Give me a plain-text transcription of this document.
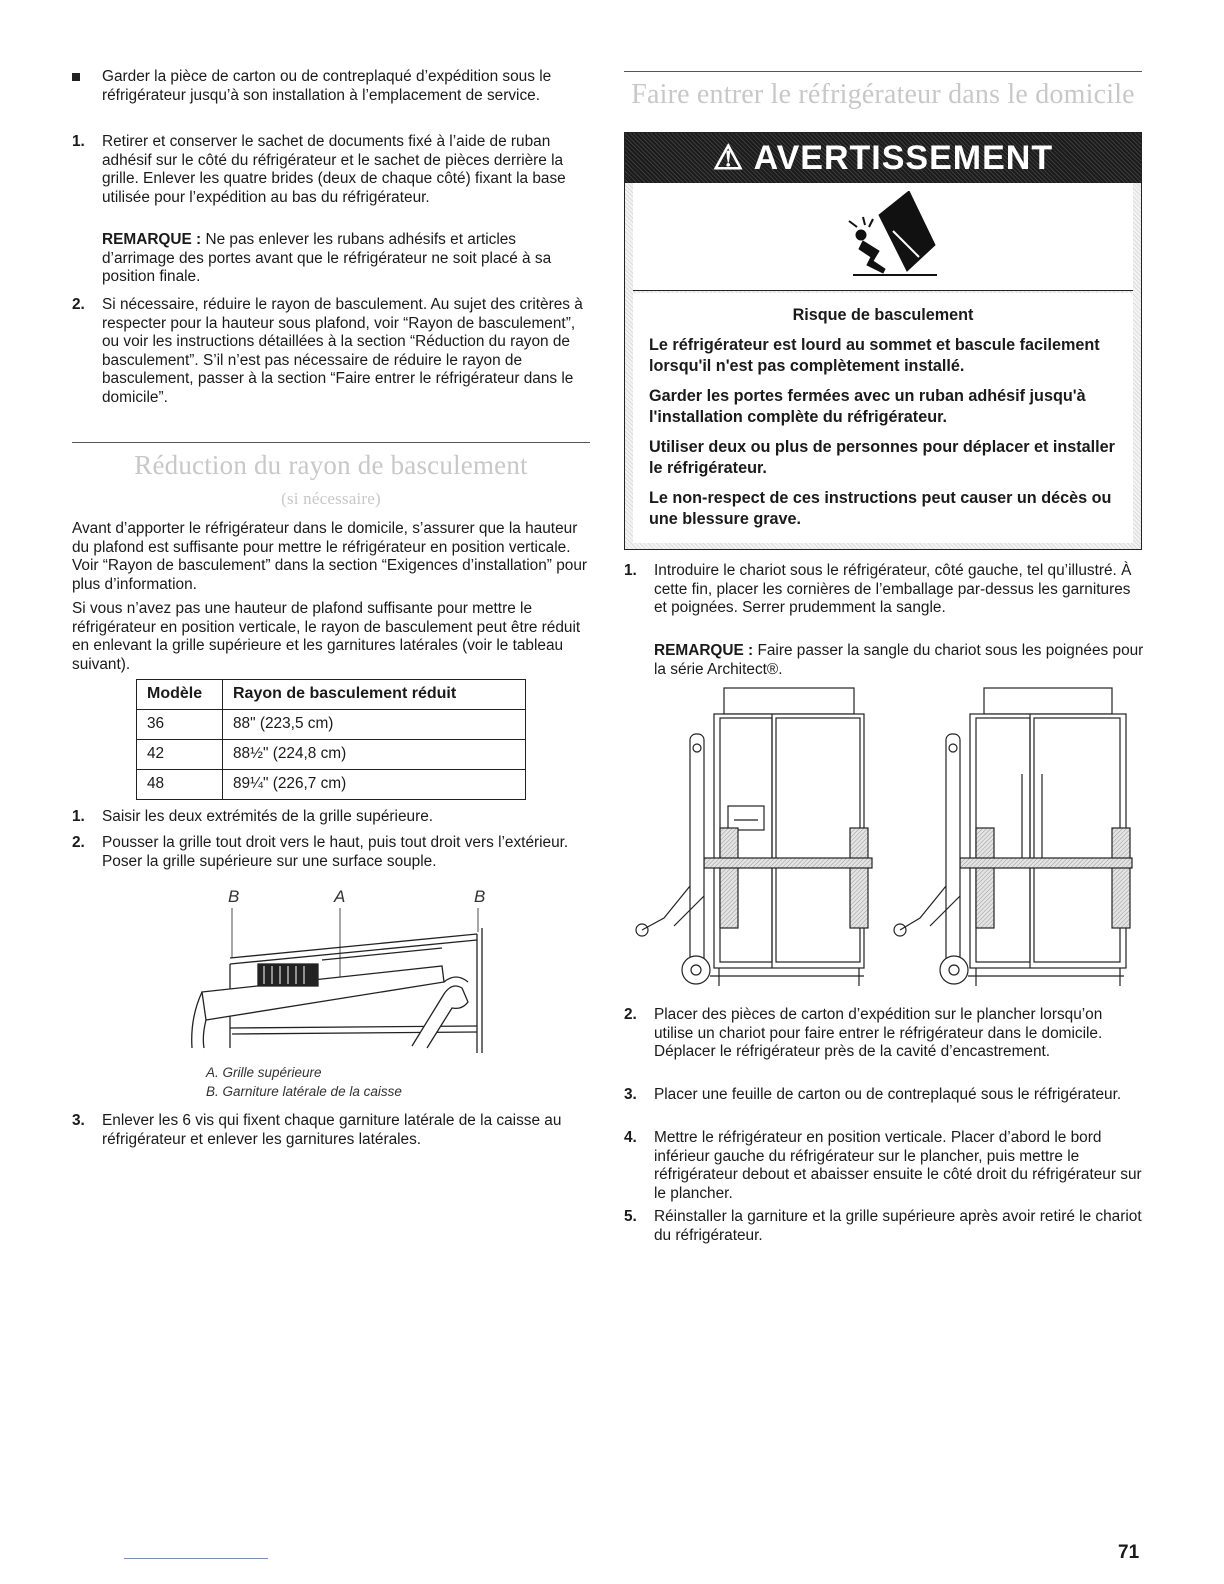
Garder la pièce de carton ou de contreplaqué d’expédition sous le réfrigérateur jusqu’à son installation à l’emplacement de service.
1. Retirer et conserver le sachet de documents fixé à l’aide de ruban adhésif sur le côté du réfrigérateur et le sachet de pièces derrière la grille. Enlever les quatre brides (deux de chaque côté) fixant la base utilisée pour l’expédition au bas du réfrigérateur.
REMARQUE : Ne pas enlever les rubans adhésifs et articles d’arrimage des portes avant que le réfrigérateur ne soit placé à sa position finale.
2. Si nécessaire, réduire le rayon de basculement. Au sujet des critères à respecter pour la hauteur sous plafond, voir “Rayon de basculement”, ou voir les instructions détaillées à la section “Réduction du rayon de basculement”. S’il n’est pas nécessaire de réduire le rayon de basculement, passer à la section “Faire entrer le réfrigérateur dans le domicile”.
Réduction du rayon de basculement
(si nécessaire)
Avant d’apporter le réfrigérateur dans le domicile, s’assurer que la hauteur du plafond est suffisante pour mettre le réfrigérateur en position verticale. Voir “Rayon de basculement” dans la section “Exigences d’installation” pour plus d’information.
Si vous n’avez pas une hauteur de plafond suffisante pour mettre le réfrigérateur en position verticale, le rayon de basculement peut être réduit en enlevant la grille supérieure et les garnitures latérales (voir le tableau suivant).
Modèle	Rayon de basculement réduit
36	88" (223,5 cm)
42	88½" (224,8 cm)
48	89¼" (226,7 cm)
1. Saisir les deux extrémités de la grille supérieure.
2. Pousser la grille tout droit vers le haut, puis tout droit vers l’extérieur. Poser la grille supérieure sur une surface souple.
B	A	B
A. Grille supérieure
B. Garniture latérale de la caisse
3. Enlever les 6 vis qui fixent chaque garniture latérale de la caisse au réfrigérateur et enlever les garnitures latérales.
Faire entrer le réfrigérateur dans le domicile
⚠ AVERTISSEMENT

Risque de basculement

Le réfrigérateur est lourd au sommet et bascule facilement lorsqu'il n'est pas complètement installé.

Garder les portes fermées avec un ruban adhésif jusqu'à l'installation complète du réfrigérateur.

Utiliser deux ou plus de personnes pour déplacer et installer le réfrigérateur.

Le non-respect de ces instructions peut causer un décès ou une blessure grave.

1. Introduire le chariot sous le réfrigérateur, côté gauche, tel qu’illustré. À cette fin, placer les cornières de l’emballage par-dessus les garnitures et poignées. Serrer prudemment la sangle.
REMARQUE : Faire passer la sangle du chariot sous les poignées pour la série Architect®.
2. Placer des pièces de carton d’expédition sur le plancher lorsqu’on utilise un chariot pour faire entrer le réfrigérateur dans le domicile. Déplacer le réfrigérateur près de la cavité d’encastrement.
3. Placer une feuille de carton ou de contreplaqué sous le réfrigérateur.
4. Mettre le réfrigérateur en position verticale. Placer d’abord le bord inférieur gauche du réfrigérateur sur le plancher, puis mettre le réfrigérateur debout et abaisser ensuite le côté droit du réfrigérateur sur le plancher.
5. Réinstaller la garniture et la grille supérieure après avoir retiré le chariot du réfrigérateur.
71
